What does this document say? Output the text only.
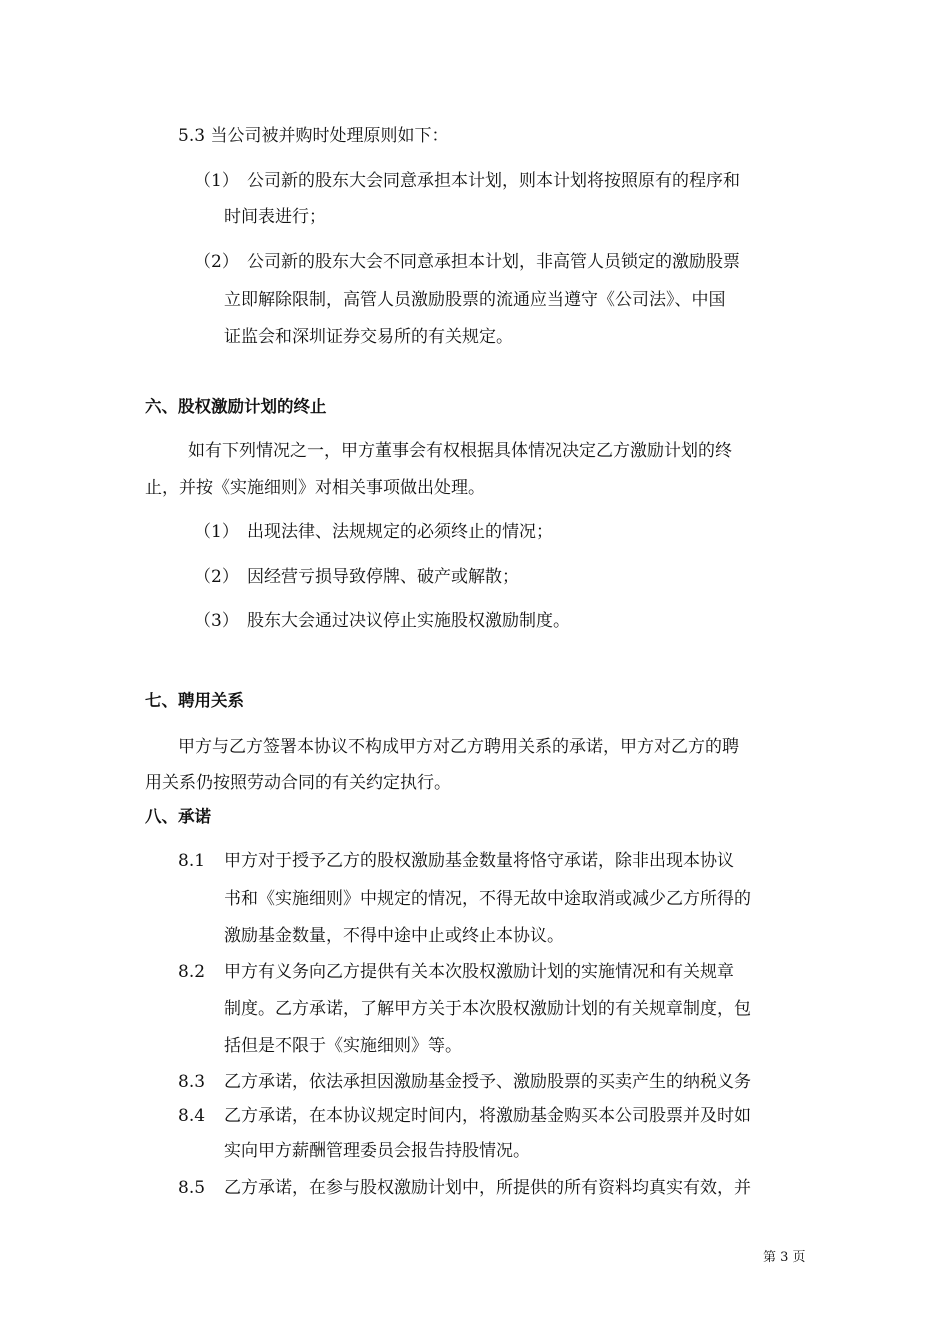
5.3 当公司被并购时处理原则如下：
（1） 公司新的股东大会同意承担本计划，则本计划将按照原有的程序和
时间表进行；
（2） 公司新的股东大会不同意承担本计划，非高管人员锁定的激励股票
立即解除限制，高管人员激励股票的流通应当遵守《公司法》、中国
证监会和深圳证券交易所的有关规定。
六、股权激励计划的终止
如有下列情况之一，甲方董事会有权根据具体情况决定乙方激励计划的终
止，并按《实施细则》对相关事项做出处理。
（1） 出现法律、法规规定的必须终止的情况；
（2） 因经营亏损导致停牌、破产或解散；
（3） 股东大会通过决议停止实施股权激励制度。
七、聘用关系
甲方与乙方签署本协议不构成甲方对乙方聘用关系的承诺，甲方对乙方的聘
用关系仍按照劳动合同的有关约定执行。
八、承诺
8.1 甲方对于授予乙方的股权激励基金数量将恪守承诺，除非出现本协议
书和《实施细则》中规定的情况，不得无故中途取消或减少乙方所得的
激励基金数量，不得中途中止或终止本协议。
8.2 甲方有义务向乙方提供有关本次股权激励计划的实施情况和有关规章
制度。乙方承诺，了解甲方关于本次股权激励计划的有关规章制度，包
括但是不限于《实施细则》等。
8.3 乙方承诺，依法承担因激励基金授予、激励股票的买卖产生的纳税义务
8.4 乙方承诺，在本协议规定时间内，将激励基金购买本公司股票并及时如
实向甲方薪酬管理委员会报告持股情况。
8.5 乙方承诺，在参与股权激励计划中，所提供的所有资料均真实有效，并
第 3 页
